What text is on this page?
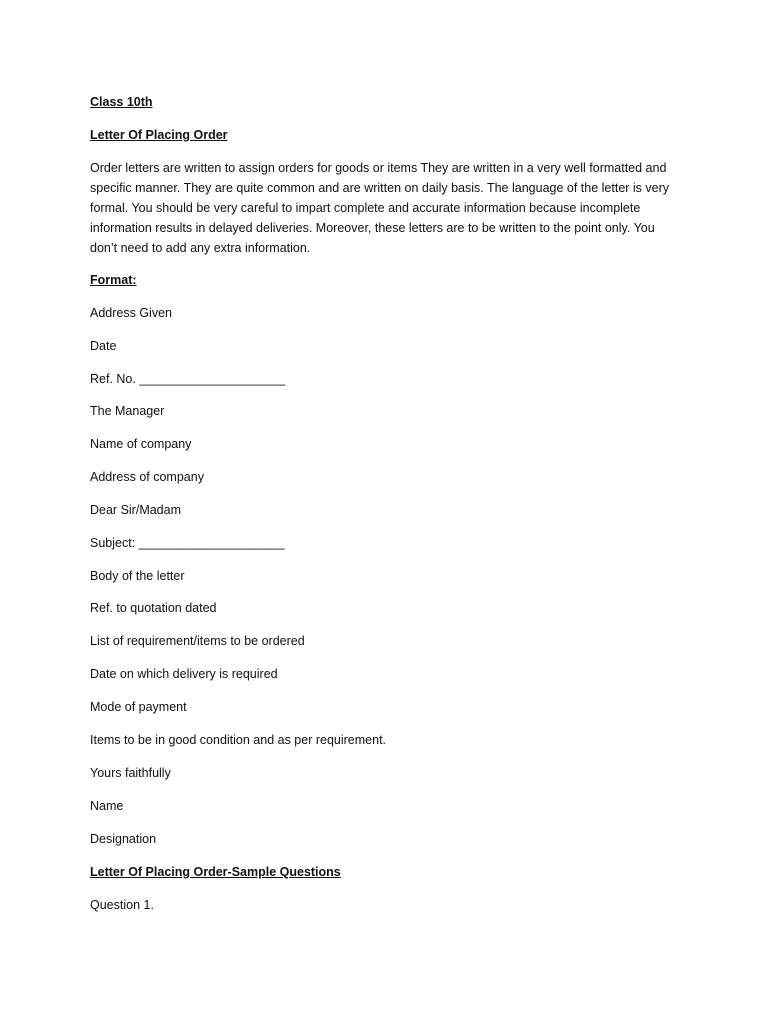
Class 10th
Letter Of Placing Order
Order letters are written to assign orders for goods or items They are written in a very well formatted and specific manner. They are quite common and are written on daily basis. The language of the letter is very formal. You should be very careful to impart complete and accurate information because incomplete information results in delayed deliveries. Moreover, these letters are to be written to the point only. You don’t need to add any extra information.
Format:
Address Given
Date
Ref. No. _____________________
The Manager
Name of company
Address of company
Dear Sir/Madam
Subject: _____________________
Body of the letter
Ref. to quotation dated
List of requirement/items to be ordered
Date on which delivery is required
Mode of payment
Items to be in good condition and as per requirement.
Yours faithfully
Name
Designation
Letter Of Placing Order-Sample Questions
Question 1.
